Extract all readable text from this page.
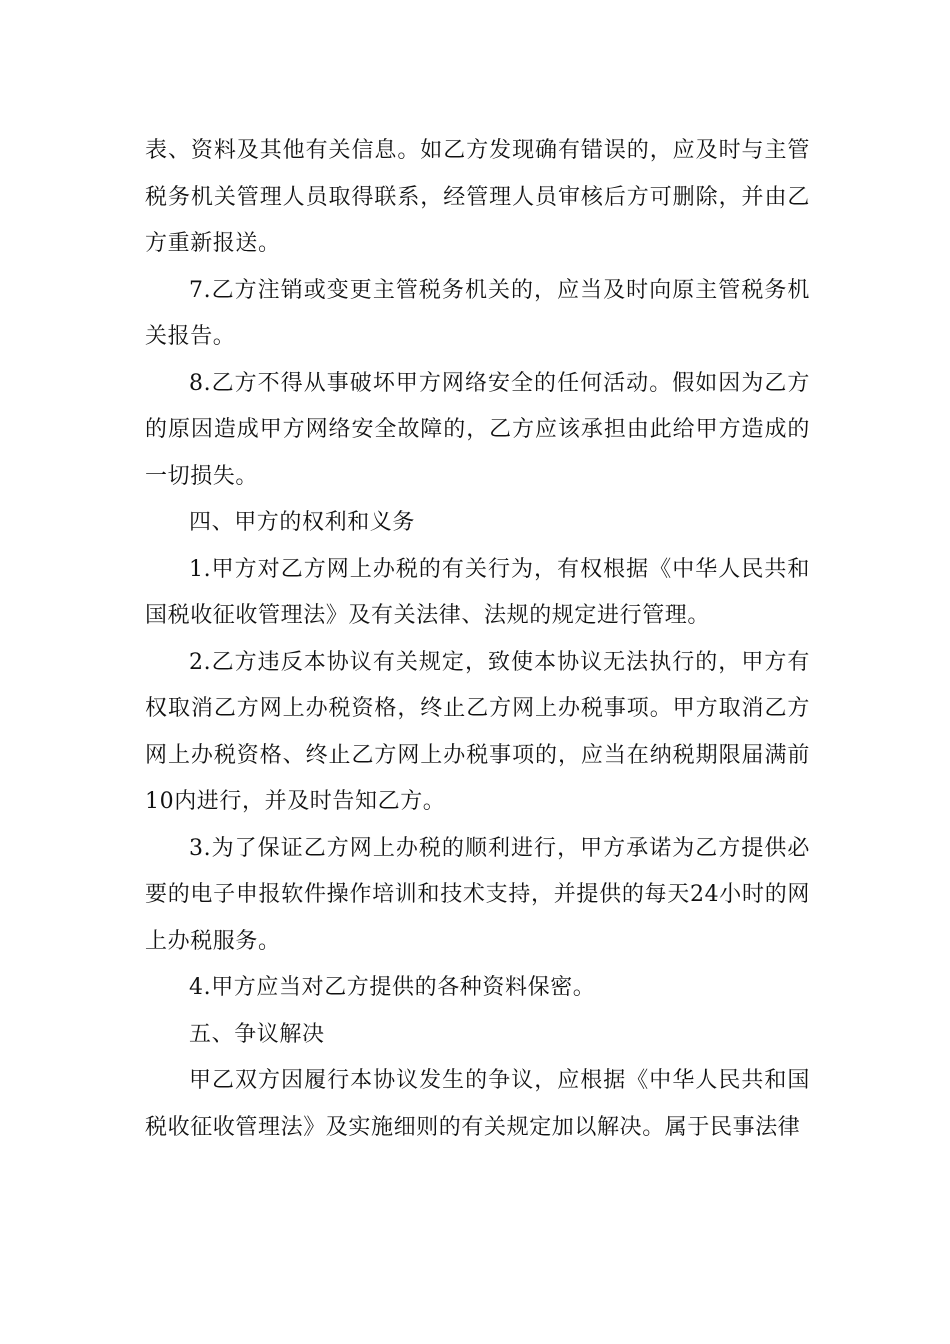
表、资料及其他有关信息。如乙方发现确有错误的，应及时与主管税务机关管理人员取得联系，经管理人员审核后方可删除，并由乙方重新报送。

7.乙方注销或变更主管税务机关的，应当及时向原主管税务机关报告。

8.乙方不得从事破坏甲方网络安全的任何活动。假如因为乙方的原因造成甲方网络安全故障的，乙方应该承担由此给甲方造成的一切损失。

四、甲方的权利和义务

1.甲方对乙方网上办税的有关行为，有权根据《中华人民共和国税收征收管理法》及有关法律、法规的规定进行管理。

2.乙方违反本协议有关规定，致使本协议无法执行的，甲方有权取消乙方网上办税资格，终止乙方网上办税事项。甲方取消乙方网上办税资格、终止乙方网上办税事项的，应当在纳税期限届满前10内进行，并及时告知乙方。

3.为了保证乙方网上办税的顺利进行，甲方承诺为乙方提供必要的电子申报软件操作培训和技术支持，并提供的每天24小时的网上办税服务。

4.甲方应当对乙方提供的各种资料保密。

五、争议解决

甲乙双方因履行本协议发生的争议，应根据《中华人民共和国税收征收管理法》及实施细则的有关规定加以解决。属于民事法律
